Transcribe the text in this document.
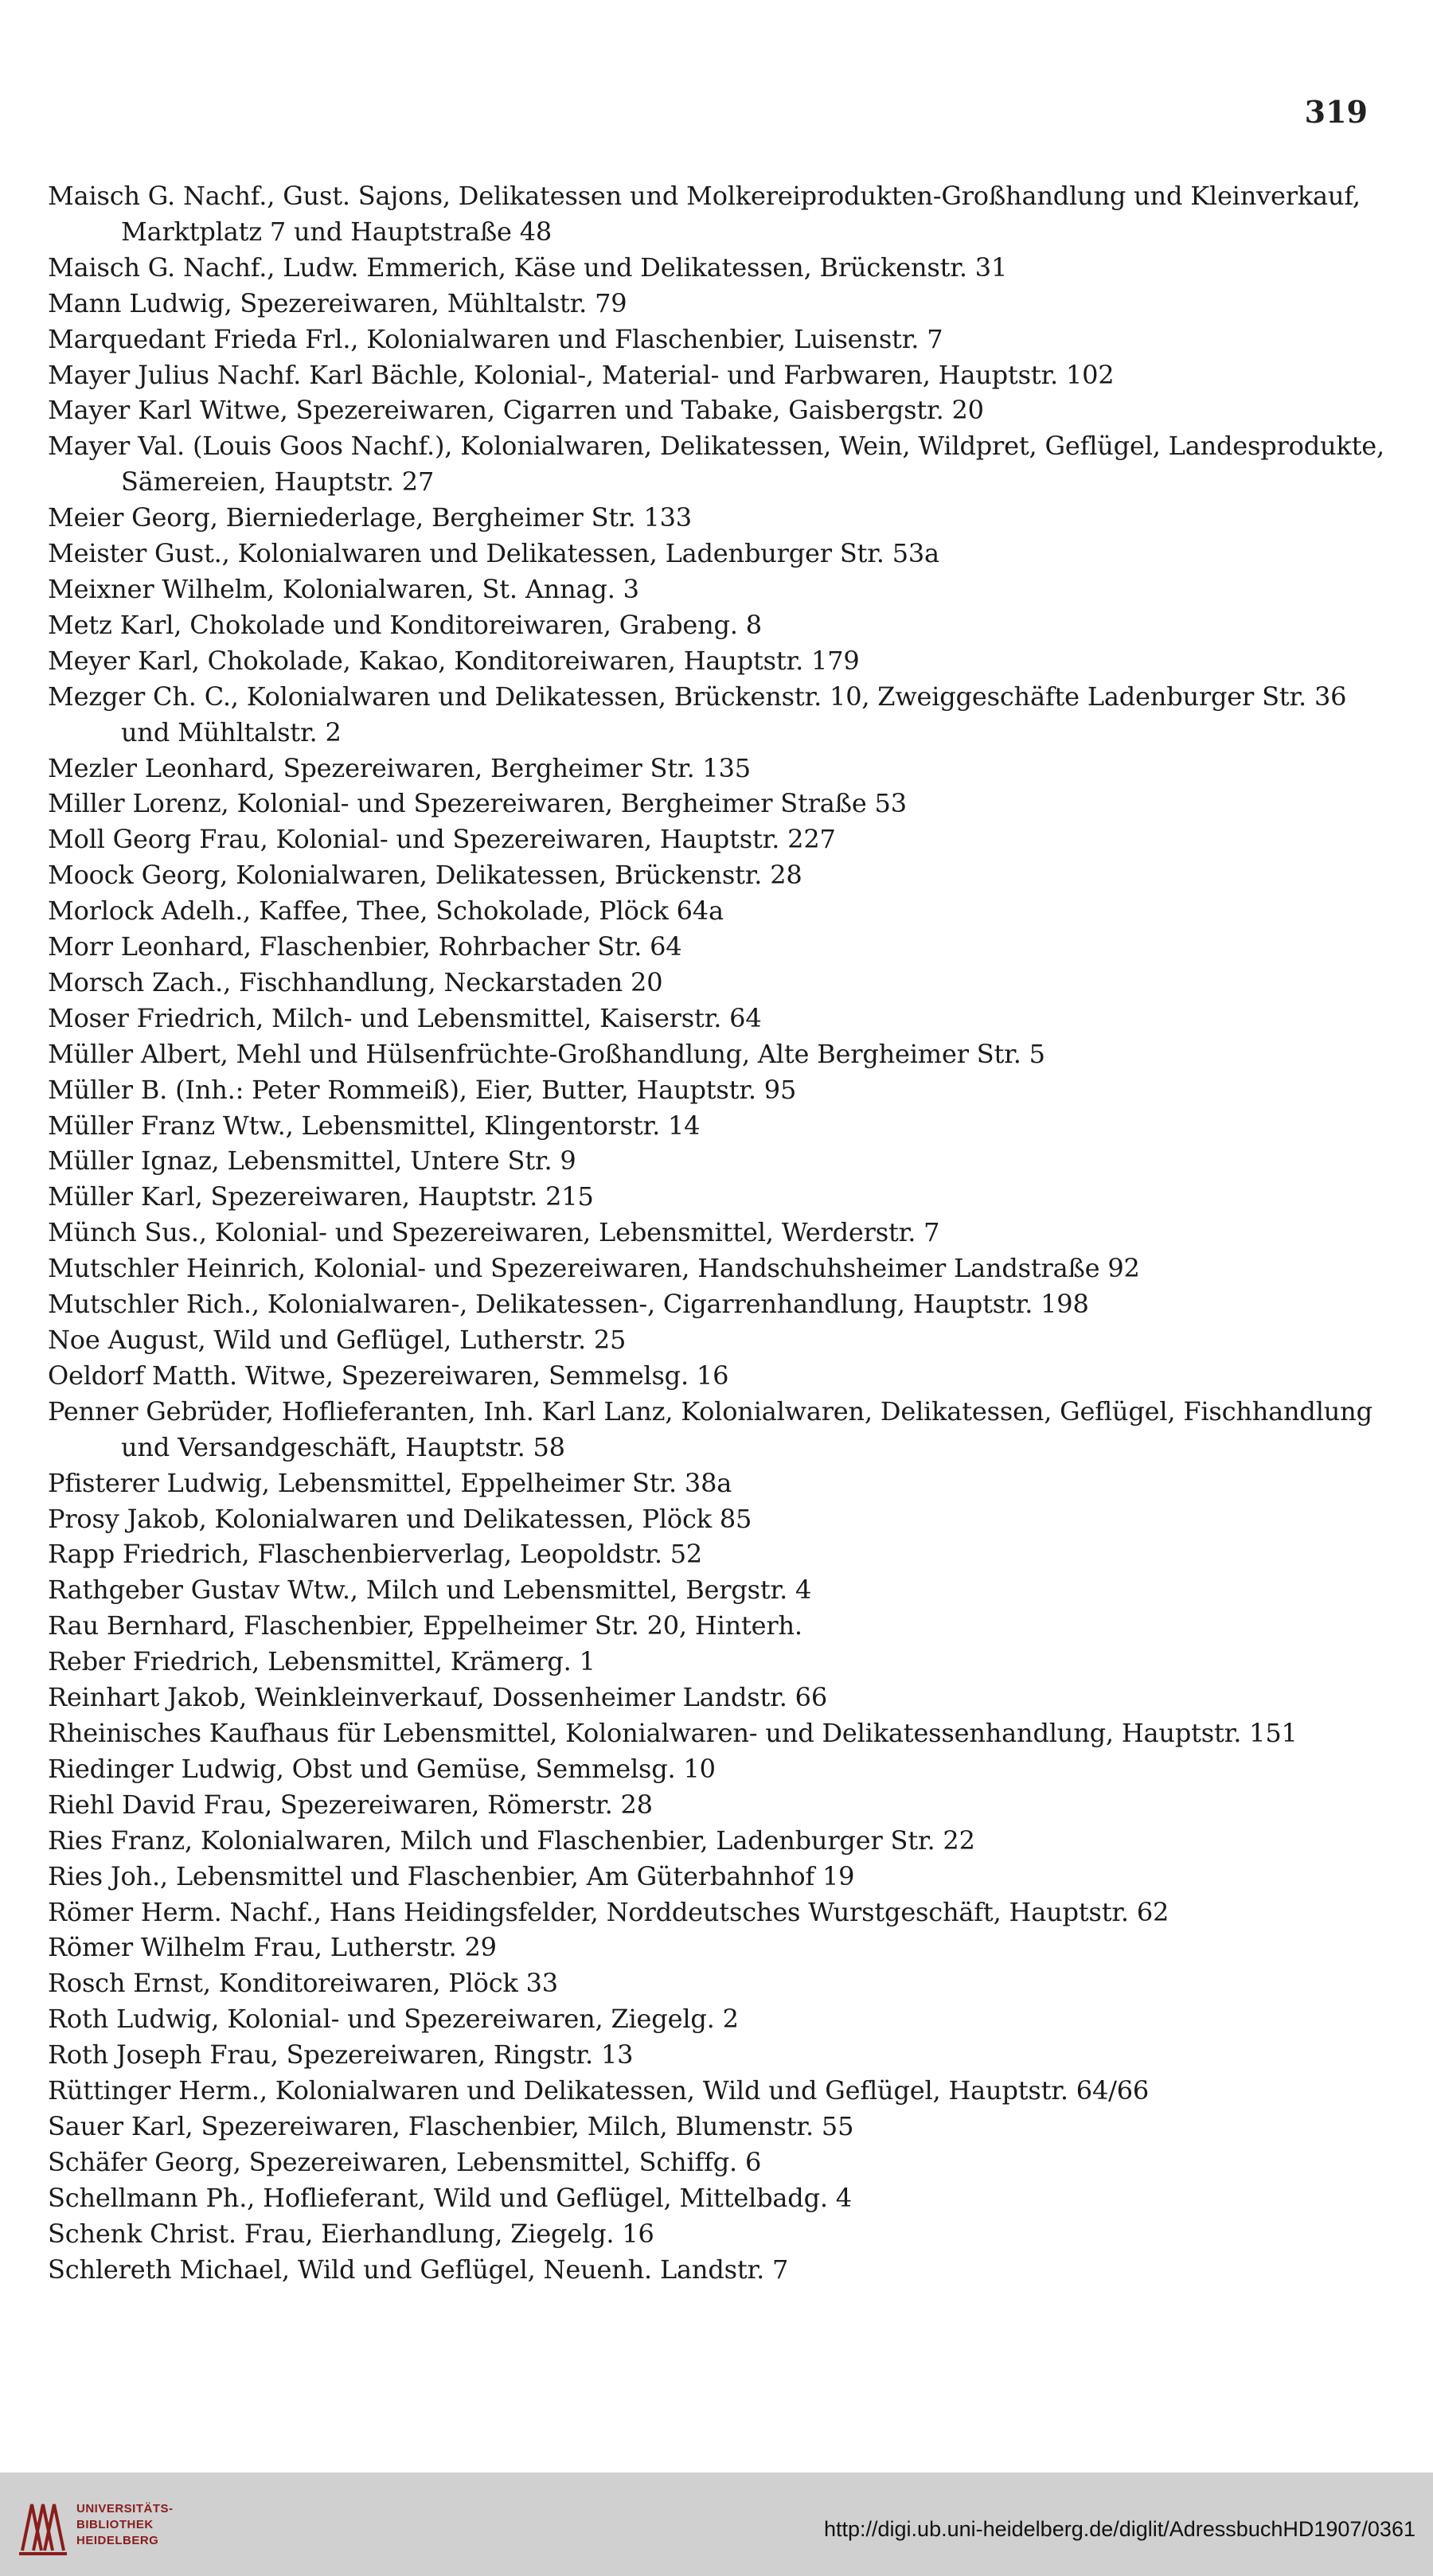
319
Maisch G. Nachf., Gust. Sajons, Delikatessen und Molkereiprodukten-Großhandlung und Kleinverkauf, Marktplatz 7 und Hauptstraße 48
Maisch G. Nachf., Ludw. Emmerich, Käse und Delikatessen, Brückenstr. 31
Mann Ludwig, Spezereiwaren, Mühltalstr. 79
Marquedant Frieda Frl., Kolonialwaren und Flaschenbier, Luisenstr. 7
Mayer Julius Nachf. Karl Bächle, Kolonial-, Material- und Farbwaren, Hauptstr. 102
Mayer Karl Witwe, Spezereiwaren, Cigarren und Tabake, Gaisbergstr. 20
Mayer Val. (Louis Goos Nachf.), Kolonialwaren, Delikatessen, Wein, Wildpret, Geflügel, Landesprodukte, Sämereien, Hauptstr. 27
Meier Georg, Bierniederlage, Bergheimer Str. 133
Meister Gust., Kolonialwaren und Delikatessen, Ladenburger Str. 53a
Meixner Wilhelm, Kolonialwaren, St. Annag. 3
Metz Karl, Chokolade und Konditoreiwaren, Grabeng. 8
Meyer Karl, Chokolade, Kakao, Konditoreiwaren, Hauptstr. 179
Mezger Ch. C., Kolonialwaren und Delikatessen, Brückenstr. 10, Zweiggeschäfte Ladenburger Str. 36 und Mühltalstr. 2
Mezler Leonhard, Spezereiwaren, Bergheimer Str. 135
Miller Lorenz, Kolonial- und Spezereiwaren, Bergheimer Straße 53
Moll Georg Frau, Kolonial- und Spezereiwaren, Hauptstr. 227
Moock Georg, Kolonialwaren, Delikatessen, Brückenstr. 28
Morlock Adelh., Kaffee, Thee, Schokolade, Plöck 64a
Morr Leonhard, Flaschenbier, Rohrbacher Str. 64
Morsch Zach., Fischhandlung, Neckarstaden 20
Moser Friedrich, Milch- und Lebensmittel, Kaiserstr. 64
Müller Albert, Mehl und Hülsenfrüchte-Großhandlung, Alte Bergheimer Str. 5
Müller B. (Inh.: Peter Rommeiß), Eier, Butter, Hauptstr. 95
Müller Franz Wtw., Lebensmittel, Klingentorstr. 14
Müller Ignaz, Lebensmittel, Untere Str. 9
Müller Karl, Spezereiwaren, Hauptstr. 215
Münch Sus., Kolonial- und Spezereiwaren, Lebensmittel, Werderstr. 7
Mutschler Heinrich, Kolonial- und Spezereiwaren, Handschuhsheimer Landstraße 92
Mutschler Rich., Kolonialwaren-, Delikatessen-, Cigarrenhandlung, Hauptstr. 198
Noe August, Wild und Geflügel, Lutherstr. 25
Oeldorf Matth. Witwe, Spezereiwaren, Semmelsg. 16
Penner Gebrüder, Hoflieferanten, Inh. Karl Lanz, Kolonialwaren, Delikatessen, Geflügel, Fischhandlung und Versandgeschäft, Hauptstr. 58
Pfisterer Ludwig, Lebensmittel, Eppelheimer Str. 38a
Prosy Jakob, Kolonialwaren und Delikatessen, Plöck 85
Rapp Friedrich, Flaschenbierverlag, Leopoldstr. 52
Rathgeber Gustav Wtw., Milch und Lebensmittel, Bergstr. 4
Rau Bernhard, Flaschenbier, Eppelheimer Str. 20, Hinterh.
Reber Friedrich, Lebensmittel, Krämerg. 1
Reinhart Jakob, Weinkleinverkauf, Dossenheimer Landstr. 66
Rheinisches Kaufhaus für Lebensmittel, Kolonialwaren- und Delikatessenhandlung, Hauptstr. 151
Riedinger Ludwig, Obst und Gemüse, Semmelsg. 10
Riehl David Frau, Spezereiwaren, Römerstr. 28
Ries Franz, Kolonialwaren, Milch und Flaschenbier, Ladenburger Str. 22
Ries Joh., Lebensmittel und Flaschenbier, Am Güterbahnhof 19
Römer Herm. Nachf., Hans Heidingsfelder, Norddeutsches Wurstgeschäft, Hauptstr. 62
Römer Wilhelm Frau, Lutherstr. 29
Rosch Ernst, Konditoreiwaren, Plöck 33
Roth Ludwig, Kolonial- und Spezereiwaren, Ziegelg. 2
Roth Joseph Frau, Spezereiwaren, Ringstr. 13
Rüttinger Herm., Kolonialwaren und Delikatessen, Wild und Geflügel, Hauptstr. 64/66
Sauer Karl, Spezereiwaren, Flaschenbier, Milch, Blumenstr. 55
Schäfer Georg, Spezereiwaren, Lebensmittel, Schiffg. 6
Schellmann Ph., Hoflieferant, Wild und Geflügel, Mittelbadg. 4
Schenk Christ. Frau, Eierhandlung, Ziegelg. 16
Schlereth Michael, Wild und Geflügel, Neuenh. Landstr. 7
UNIVERSITÄTS-
BIBLIOTHEK
HEIDELBERG	http://digi.ub.uni-heidelberg.de/diglit/AdressbuchHD1907/0361
